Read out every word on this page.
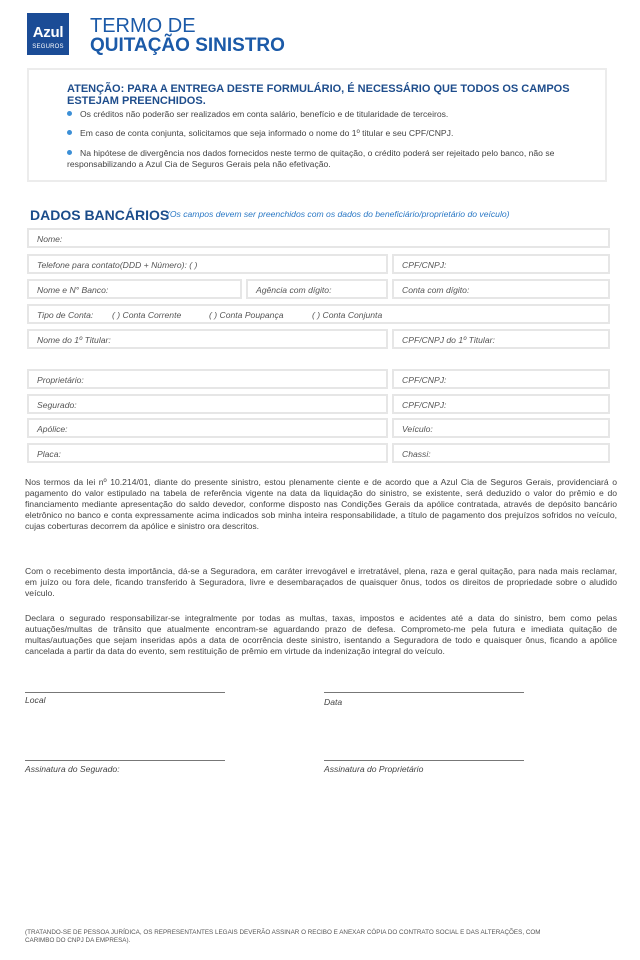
Azul
SEGUROS
TERMO DE
QUITAÇÃO SINISTRO
ATENÇÃO: PARA A ENTREGA DESTE FORMULÁRIO, É NECESSÁRIO QUE TODOS OS CAMPOS ESTEJAM PREENCHIDOS.
Os créditos não poderão ser realizados em conta salário, benefício e de titularidade de terceiros.
Em caso de conta conjunta, solicitamos que seja informado o nome do 1º titular e seu CPF/CNPJ.
Na hipótese de divergência nos dados fornecidos neste termo de quitação, o crédito poderá ser rejeitado pelo banco, não se responsabilizando a Azul Cia de Seguros Gerais pela não efetivação.
DADOS BANCÁRIOS
(Os campos devem ser preenchidos com os dados do beneficiário/proprietário do veículo)
Nome:
Telefone para contato(DDD + Número): ( )	CPF/CNPJ:
Nome e N° Banco:	Agência com dígito:	Conta com dígito:
Tipo de Conta: ( ) Conta Corrente	( ) Conta Poupança	( ) Conta Conjunta
Nome do 1º Titular:	CPF/CNPJ do 1º Titular:
Proprietário:	CPF/CNPJ:
Segurado:	CPF/CNPJ:
Apólice:	Veículo:
Placa:	Chassi:
Nos termos da lei nº 10.214/01, diante do presente sinistro, estou plenamente ciente e de acordo que a Azul Cia de Seguros Gerais, providenciará o pagamento do valor estipulado na tabela de referência vigente na data da liquidação do sinistro, se existente, será deduzido o valor do prêmio e do financiamento mediante apresentação do saldo devedor, conforme disposto nas Condições Gerais da apólice contratada, através de depósito bancário eletrônico no banco e conta expressamente acima indicados sob minha inteira responsabilidade, a título de pagamento dos prejuízos sofridos no veículo, cujas coberturas decorrem da apólice e sinistro ora descritos.
Com o recebimento desta importância, dá-se a Seguradora, em caráter irrevogável e irretratável, plena, raza e geral quitação, para nada mais reclamar, em juízo ou fora dele, ficando transferido à Seguradora, livre e desembaraçados de quaisquer ônus, todos os direitos de propriedade sobre o aludido veículo.
Declara o segurado responsabilizar-se integralmente por todas as multas, taxas, impostos e acidentes até a data do sinistro, bem como pelas autuações/multas de trânsito que atualmente encontram-se aguardando prazo de defesa. Comprometo-me pela futura e imediata quitação de multas/autuações que sejam inseridas após a data de ocorrência deste sinistro, isentando a Seguradora de todo e quaisquer ônus, ficando a apólice cancelada a partir da data do evento, sem restituição de prêmio em virtude da indenização integral do veículo.
Local	Data
Assinatura do Segurado:	Assinatura do Proprietário
(TRATANDO-SE DE PESSOA JURÍDICA, OS REPRESENTANTES LEGAIS DEVERÃO ASSINAR O RECIBO E ANEXAR CÓPIA DO CONTRATO SOCIAL E DAS ALTERAÇÕES, COM CARIMBO DO CNPJ DA EMPRESA).
